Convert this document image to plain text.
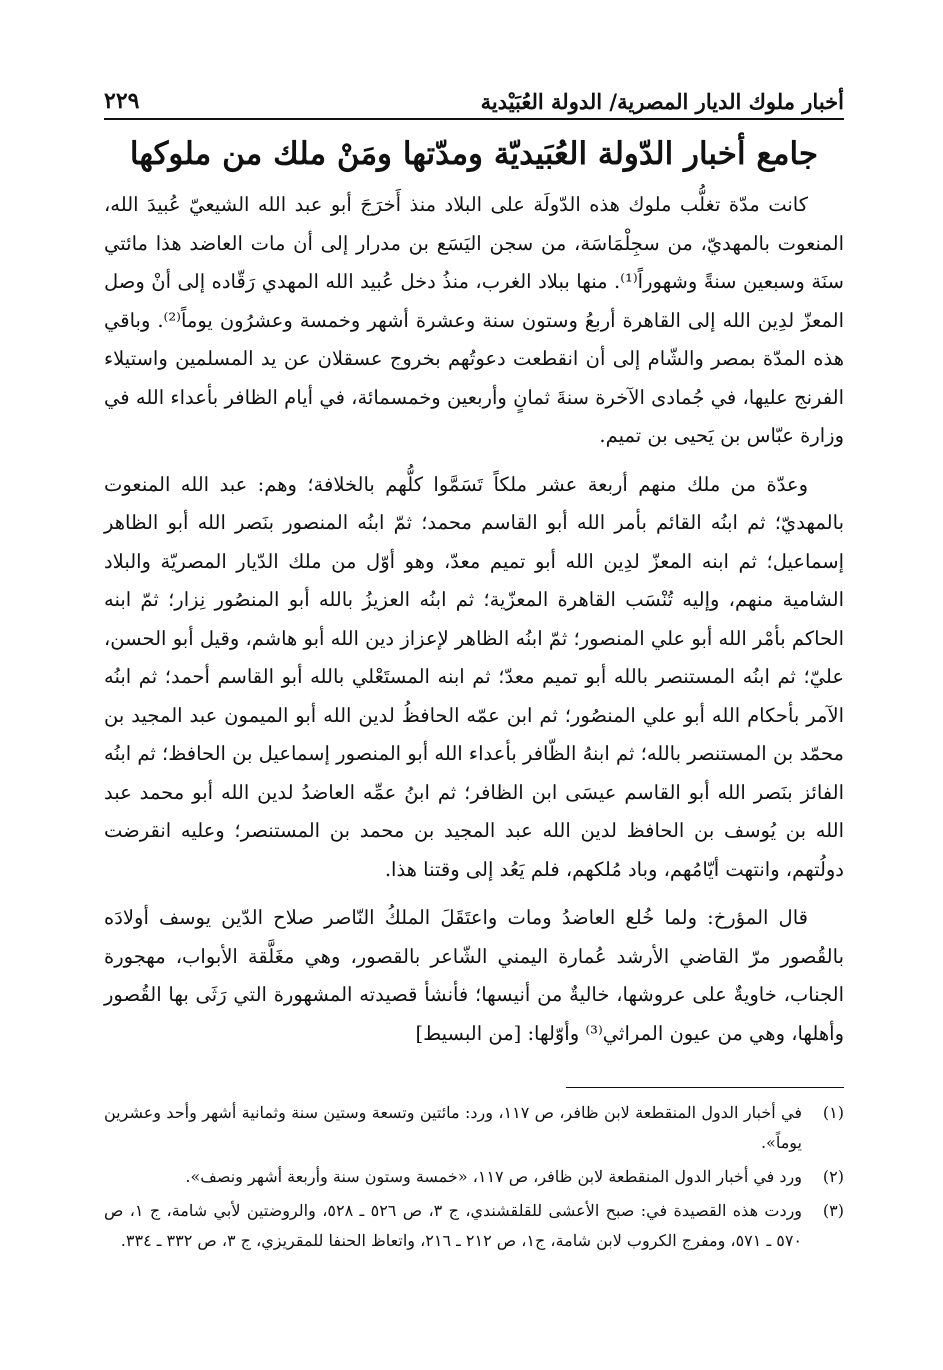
أخبار ملوك الديار المصرية/ الدولة العُبَيْدية
٢٢٩
جامع أخبار الدّولة العُبَيديّة ومدّتها ومَنْ ملك من ملوكها

كانت مدّة تغلُّب ملوك هذه الدّولَة على البلاد منذ أَخرَجَ أبو عبد الله الشيعيّ عُبيدَ الله، المنعوت بالمهديّ، من سجِلْمَاسَة، من سجن اليَسَع بن مدرار إلى أن مات العاضد هذا مائتي سنَة وسبعين سنةً وشهوراً⁽¹⁾. منها ببلاد الغرب، منذُ دخل عُبيد الله المهدي رَقّاده إلى أنْ وصل المعزّ لدِين الله إلى القاهرة أربعُ وستون سنة وعشرة أشهر وخمسة وعشرُون يوماً⁽²⁾. وباقي هذه المدّة بمصر والشّام إلى أن انقطعت دعوتُهم بخروج عسقلان عن يد المسلمين واستيلاء الفرنج عليها، في جُمادى الآخرة سنةَ ثمانٍ وأربعين وخمسمائة، في أيام الظافر بأعداء الله في وزارة عبّاس بن يَحيى بن تميم.

وعدّة من ملك منهم أربعة عشر ملكاً تَسَمَّوا كلُّهم بالخلافة؛ وهم: عبد الله المنعوت بالمهديّ؛ ثم ابنُه القائم بأمر الله أبو القاسم محمد؛ ثمّ ابنُه المنصور بنَصر الله أبو الظاهر إسماعيل؛ ثم ابنه المعزّ لدِين الله أبو تميم معدّ، وهو أوّل من ملك الدّيار المصريّة والبلاد الشامية منهم، وإليه تُنْسَب القاهرة المعزّية؛ ثم ابنُه العزيزُ بالله أبو المنصُور نِزار؛ ثمّ ابنه الحاكم بأمْر الله أبو علي المنصور؛ ثمّ ابنُه الظاهر لإعزاز دين الله أبو هاشم، وقيل أبو الحسن، عليّ؛ ثم ابنُه المستنصر بالله أبو تميم معدّ؛ ثم ابنه المستَعْلي بالله أبو القاسم أحمد؛ ثم ابنُه الآمر بأحكام الله أبو علي المنصُور؛ ثم ابن عمّه الحافظُ لدين الله أبو الميمون عبد المجيد بن محمّد بن المستنصر بالله؛ ثم ابنهُ الظّافر بأعداء الله أبو المنصور إسماعيل بن الحافظ؛ ثم ابنُه الفائز بنَصر الله أبو القاسم عيسَى ابن الظافر؛ ثم ابنُ عمِّه العاضدُ لدين الله أبو محمد عبد الله بن يُوسف بن الحافظ لدين الله عبد المجيد بن محمد بن المستنصر؛ وعليه انقرضت دولُتهم، وانتهت أيّامُهم، وباد مُلكهم، فلم يَعُد إلى وقتنا هذا.

قال المؤرخ: ولما خُلع العاضدُ ومات واعتَقَلَ الملكُ النّاصر صلاح الدّين يوسف أولادَه بالقُصور مرّ القاضي الأرشد عُمارة اليمني الشّاعر بالقصور، وهي مغَلَّقة الأبواب، مهجورة الجناب، خاويةٌ على عروشها، خاليةٌ من أنيسها؛ فأنشأ قصيدته المشهورة التي رَثَى بها القُصور وأهلها، وهي من عيون المراثي⁽³⁾ وأوّلها: [من البسيط]

(١)
في أخبار الدول المنقطعة لابن ظافر، ص ١١٧، ورد: مائتين وتسعة وستين سنة وثمانية أشهر وأحد وعشرين يوماً».
(٢)
ورد في أخبار الدول المنقطعة لابن ظافر، ص ١١٧، «خمسة وستون سنة وأربعة أشهر ونصف».
(٣)
وردت هذه القصيدة في: صبح الأعشى للقلقشندي، ج ٣، ص ٥٢٦ ـ ٥٢٨، والروضتين لأبي شامة، ج ١، ص ٥٧٠ ـ ٥٧١، ومفرج الكروب لابن شامة، ج١، ص ٢١٢ ـ ٢١٦، واتعاظ الحنفا للمقريزي، ج ٣، ص ٣٣٢ ـ ٣٣٤.
